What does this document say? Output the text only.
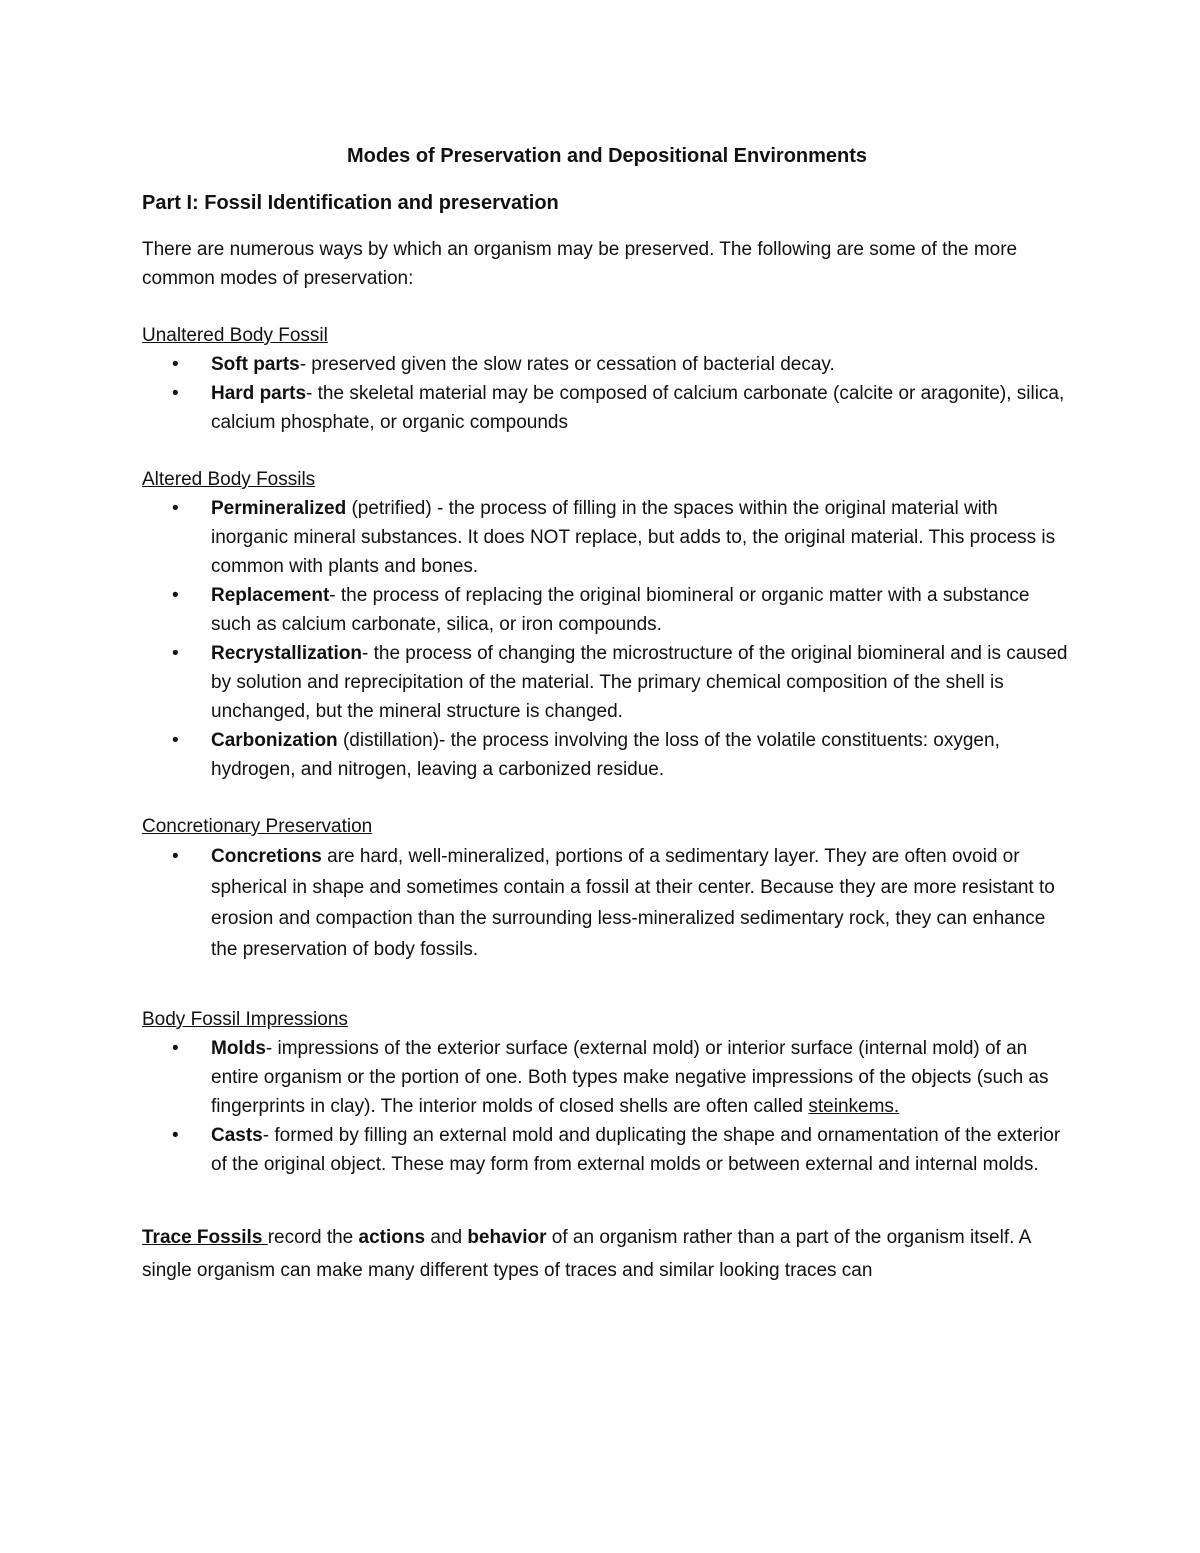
Modes of Preservation and Depositional Environments
Part I: Fossil Identification and preservation

There are numerous ways by which an organism may be preserved. The following are some of the more common modes of preservation:

Unaltered Body Fossil

• Soft parts- preserved given the slow rates or cessation of bacterial decay.
• Hard parts- the skeletal material may be composed of calcium carbonate (calcite or aragonite), silica, calcium phosphate, or organic compounds

Altered Body Fossils

• Permineralized (petrified) - the process of filling in the spaces within the original material with inorganic mineral substances. It does NOT replace, but adds to, the original material. This process is common with plants and bones.
• Replacement- the process of replacing the original biomineral or organic matter with a substance such as calcium carbonate, silica, or iron compounds.
• Recrystallization- the process of changing the microstructure of the original biomineral and is caused by solution and reprecipitation of the material. The primary chemical composition of the shell is unchanged, but the mineral structure is changed.
• Carbonization (distillation)- the process involving the loss of the volatile constituents: oxygen, hydrogen, and nitrogen, leaving a carbonized residue.

Concretionary Preservation

• Concretions are hard, well-mineralized, portions of a sedimentary layer. They are often ovoid or spherical in shape and sometimes contain a fossil at their center. Because they are more resistant to erosion and compaction than the surrounding less-mineralized sedimentary rock, they can enhance the preservation of body fossils.

Body Fossil Impressions

• Molds- impressions of the exterior surface (external mold) or interior surface (internal mold) of an entire organism or the portion of one. Both types make negative impressions of the objects (such as fingerprints in clay). The interior molds of closed shells are often called steinkems.
• Casts- formed by filling an external mold and duplicating the shape and ornamentation of the exterior of the original object. These may form from external molds or between external and internal molds.

Trace Fossils record the actions and behavior of an organism rather than a part of the organism itself. A single organism can make many different types of traces and similar looking traces can
